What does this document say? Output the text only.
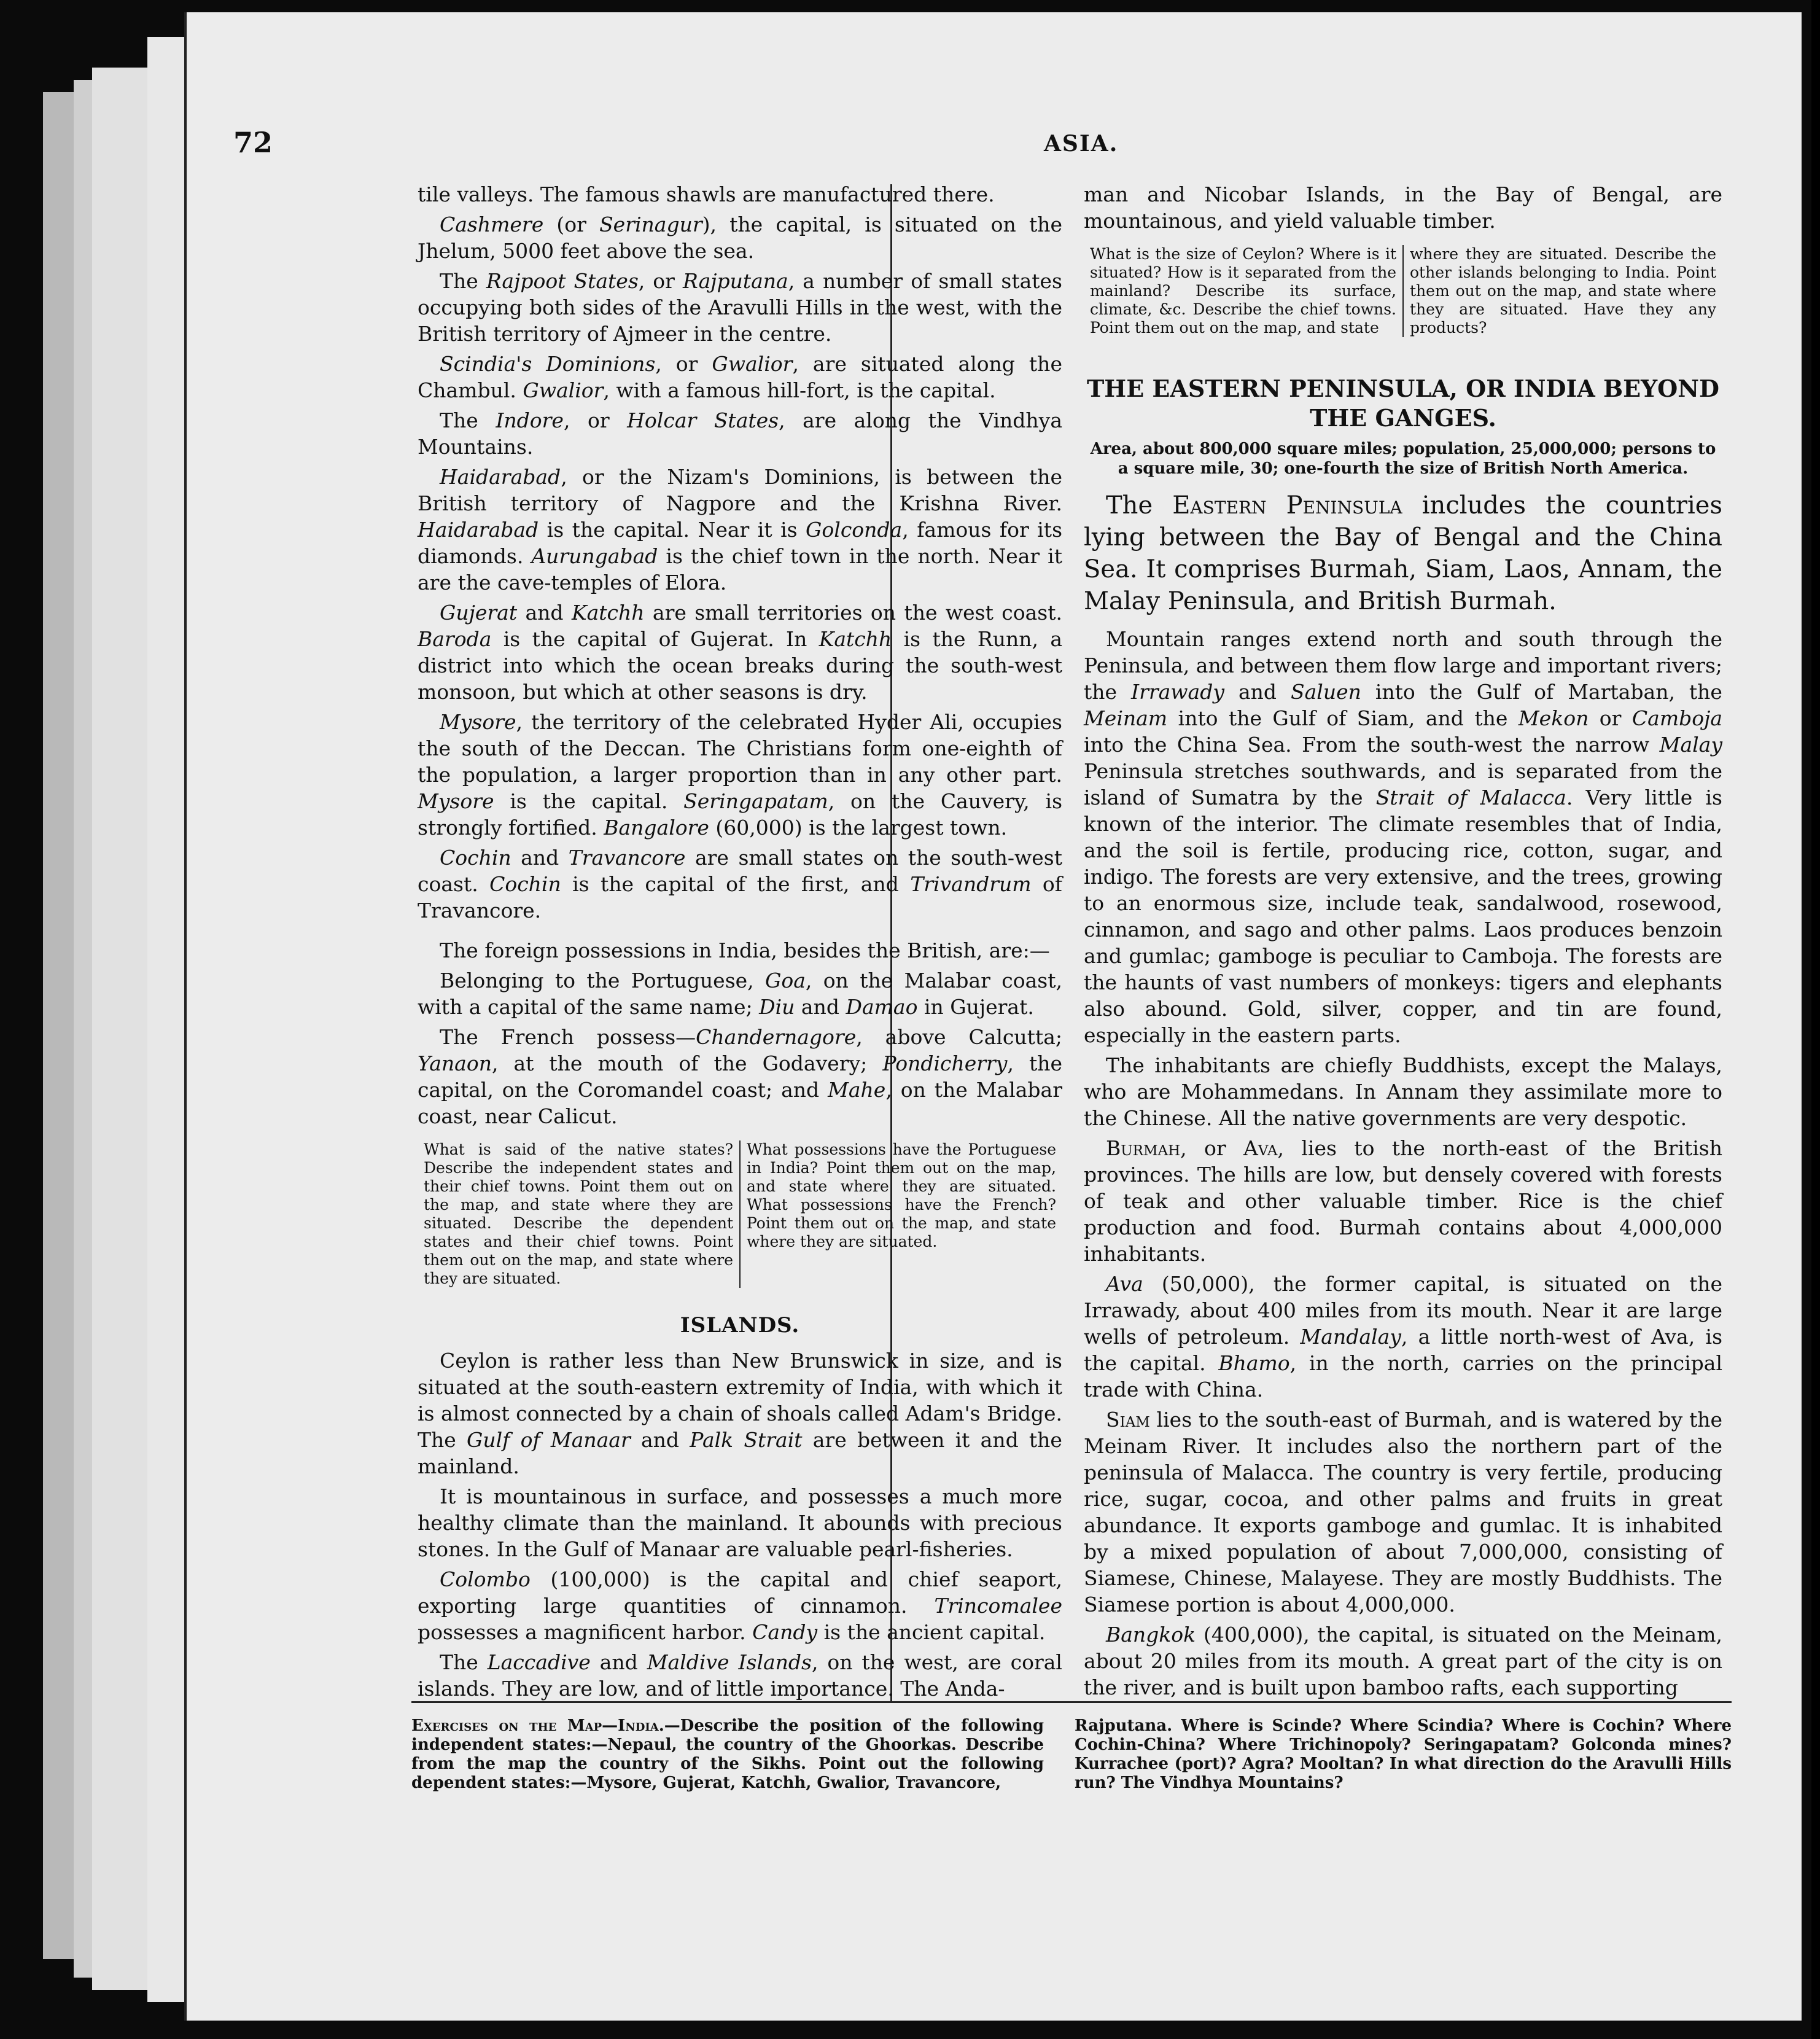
72	ASIA.

tile valleys. The famous shawls are manufactured there.

Cashmere (or Serinagur), the capital, is situated on the Jhelum, 5000 feet above the sea.

The Rajpoot States, or Rajputana, a number of small states occupying both sides of the Aravulli Hills in the west, with the British territory of Ajmeer in the centre.

Scindia's Dominions, or Gwalior, are situated along the Chambul. Gwalior, with a famous hill-fort, is the capital.

The Indore, or Holcar States, are along the Vindhya Mountains.

Haidarabad, or the Nizam's Dominions, is between the British territory of Nagpore and the Krishna River. Haidarabad is the capital. Near it is Golconda, famous for its diamonds. Aurungabad is the chief town in the north. Near it are the cave-temples of Elora.

Gujerat and Katchh are small territories on the west coast. Baroda is the capital of Gujerat. In Katchh is the Runn, a district into which the ocean breaks during the south-west monsoon, but which at other seasons is dry.

Mysore, the territory of the celebrated Hyder Ali, occupies the south of the Deccan. The Christians form one-eighth of the population, a larger proportion than in any other part. Mysore is the capital. Seringapatam, on the Cauvery, is strongly fortified. Bangalore (60,000) is the largest town.

Cochin and Travancore are small states on the south-west coast. Cochin is the capital of the first, and Trivandrum of Travancore.

The foreign possessions in India, besides the British, are:—

Belonging to the Portuguese, Goa, on the Malabar coast, with a capital of the same name; Diu and Damao in Gujerat.

The French possess—Chandernagore, above Calcutta; Yanaon, at the mouth of the Godavery; Pondicherry, the capital, on the Coromandel coast; and Mahe, on the Malabar coast, near Calicut.

What is said of the native states? Describe the independent states and their chief towns. Point them out on the map, and state where they are situated. Describe the dependent states and their chief towns. Point them out on the map, and state where they are situated.
What possessions have the Portuguese in India? Point them out on the map, and state where they are situated. What possessions have the French? Point them out on the map, and state where they are situated.
ISLANDS.

Ceylon is rather less than New Brunswick in size, and is situated at the south-eastern extremity of India, with which it is almost connected by a chain of shoals called Adam's Bridge. The Gulf of Manaar and Palk Strait are between it and the mainland.

It is mountainous in surface, and possesses a much more healthy climate than the mainland. It abounds with precious stones. In the Gulf of Manaar are valuable pearl-fisheries.

Colombo (100,000) is the capital and chief seaport, exporting large quantities of cinnamon. Trincomalee possesses a magnificent harbor. Candy is the ancient capital.

The Laccadive and Maldive Islands, on the west, are coral islands. They are low, and of little importance. The Anda-

man and Nicobar Islands, in the Bay of Bengal, are mountainous, and yield valuable timber.

What is the size of Ceylon? Where is it situated? How is it separated from the mainland? Describe its surface, climate, &c. Describe the chief towns. Point them out on the map, and state
where they are situated. Describe the other islands belonging to India. Point them out on the map, and state where they are situated. Have they any products?
THE EASTERN PENINSULA, OR INDIA BEYOND THE GANGES.
Area, about 800,000 square miles; population, 25,000,000; persons to a square mile, 30; one-fourth the size of British North America.

The Eastern Peninsula includes the countries lying between the Bay of Bengal and the China Sea. It comprises Burmah, Siam, Laos, Annam, the Malay Peninsula, and British Burmah.

Mountain ranges extend north and south through the Peninsula, and between them flow large and important rivers; the Irrawady and Saluen into the Gulf of Martaban, the Meinam into the Gulf of Siam, and the Mekon or Camboja into the China Sea. From the south-west the narrow Malay Peninsula stretches southwards, and is separated from the island of Sumatra by the Strait of Malacca. Very little is known of the interior. The climate resembles that of India, and the soil is fertile, producing rice, cotton, sugar, and indigo. The forests are very extensive, and the trees, growing to an enormous size, include teak, sandalwood, rosewood, cinnamon, and sago and other palms. Laos produces benzoin and gumlac; gamboge is peculiar to Camboja. The forests are the haunts of vast numbers of monkeys: tigers and elephants also abound. Gold, silver, copper, and tin are found, especially in the eastern parts.

The inhabitants are chiefly Buddhists, except the Malays, who are Mohammedans. In Annam they assimilate more to the Chinese. All the native governments are very despotic.

Burmah, or Ava, lies to the north-east of the British provinces. The hills are low, but densely covered with forests of teak and other valuable timber. Rice is the chief production and food. Burmah contains about 4,000,000 inhabitants.

Ava (50,000), the former capital, is situated on the Irrawady, about 400 miles from its mouth. Near it are large wells of petroleum. Mandalay, a little north-west of Ava, is the capital. Bhamo, in the north, carries on the principal trade with China.

Siam lies to the south-east of Burmah, and is watered by the Meinam River. It includes also the northern part of the peninsula of Malacca. The country is very fertile, producing rice, sugar, cocoa, and other palms and fruits in great abundance. It exports gamboge and gumlac. It is inhabited by a mixed population of about 7,000,000, consisting of Siamese, Chinese, Malayese. They are mostly Buddhists. The Siamese portion is about 4,000,000.

Bangkok (400,000), the capital, is situated on the Meinam, about 20 miles from its mouth. A great part of the city is on the river, and is built upon bamboo rafts, each supporting

Exercises on the Map—India.—Describe the position of the following independent states:—Nepaul, the country of the Ghoorkas. Describe from the map the country of the Sikhs. Point out the following dependent states:—Mysore, Gujerat, Katchh, Gwalior, Travancore,
Rajputana. Where is Scinde? Where Scindia? Where is Cochin? Where Cochin-China? Where Trichinopoly? Seringapatam? Golconda mines? Kurrachee (port)? Agra? Mooltan? In what direction do the Aravulli Hills run? The Vindhya Mountains?
